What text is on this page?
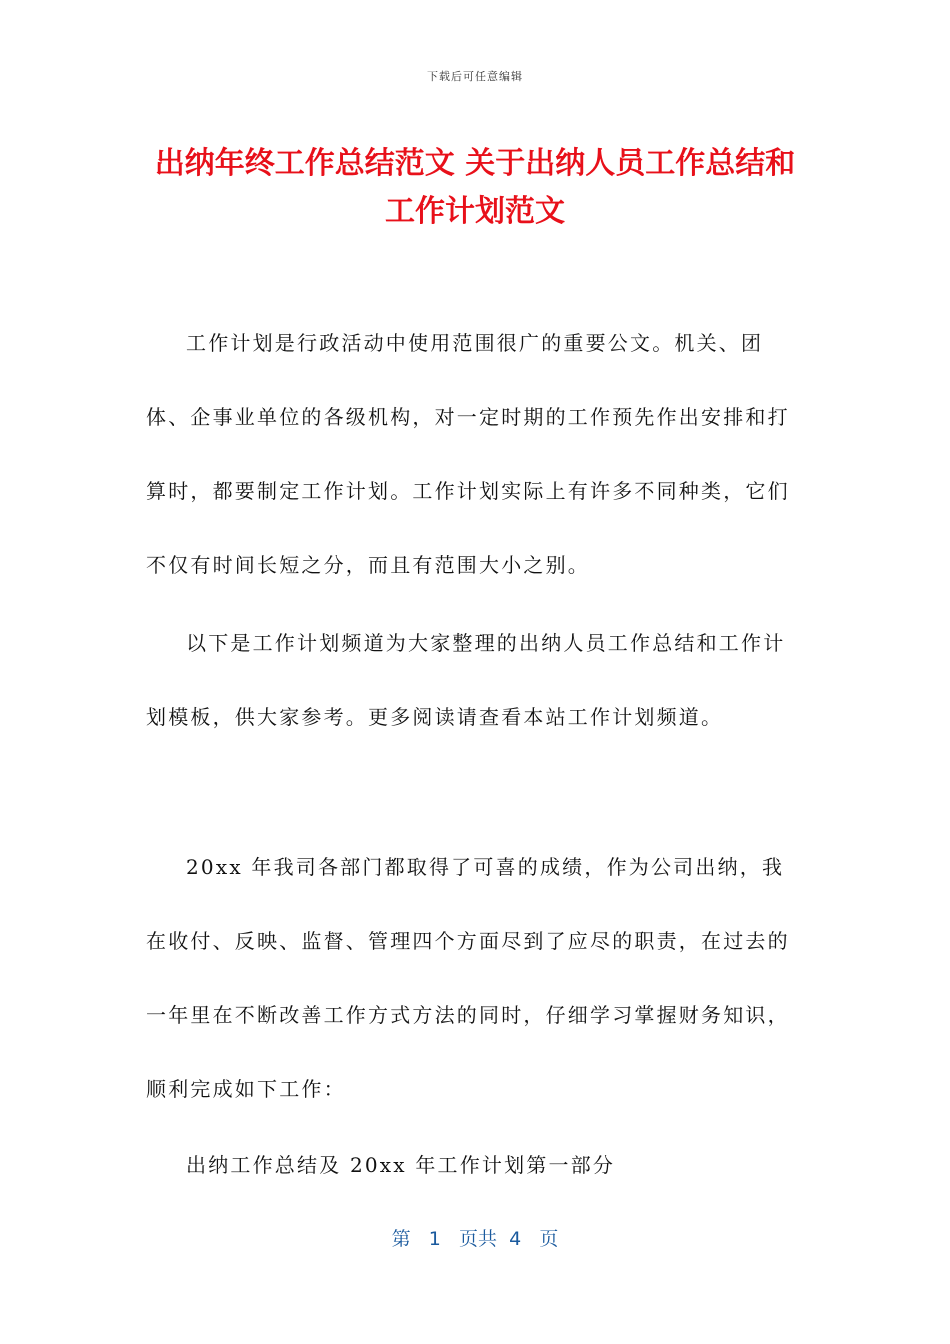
下载后可任意编辑
出纳年终工作总结范文 关于出纳人员工作总结和工作计划范文

工作计划是行政活动中使用范围很广的重要公文。机关、团体、企事业单位的各级机构，对一定时期的工作预先作出安排和打算时，都要制定工作计划。工作计划实际上有许多不同种类，它们不仅有时间长短之分，而且有范围大小之别。

以下是工作计划频道为大家整理的出纳人员工作总结和工作计划模板，供大家参考。更多阅读请查看本站工作计划频道。

20xx 年我司各部门都取得了可喜的成绩，作为公司出纳，我在收付、反映、监督、管理四个方面尽到了应尽的职责，在过去的一年里在不断改善工作方式方法的同时，仔细学习掌握财务知识，顺利完成如下工作：

出纳工作总结及 20xx 年工作计划第一部分

第 1 页共 4 页
